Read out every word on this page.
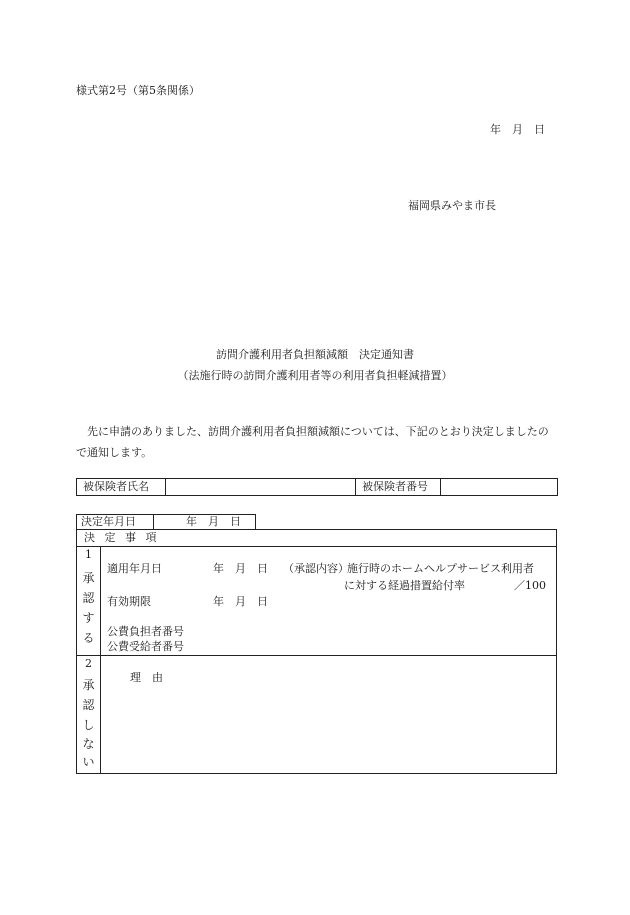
様式第2号（第5条関係）
年　月　日
福岡県みやま市長
訪問介護利用者負担額減額　決定通知書
（法施行時の訪問介護利用者等の利用者負担軽減措置）
先に申請のありました、訪問介護利用者負担額減額については、下記のとおり決定しましたので通知します。
被保険者氏名		被保険者番号	
決定年月日	年　月　日
決 定 事 項
1
承
認
す
る
適用年月日	年　月　日 （承認内容）
施行時のホームヘルプサービス利用者
に対する経過措置給付率	／100
有効期限	年　月　日
公費負担者番号
公費受給者番号
2
承
認
し
な
い
理　由
